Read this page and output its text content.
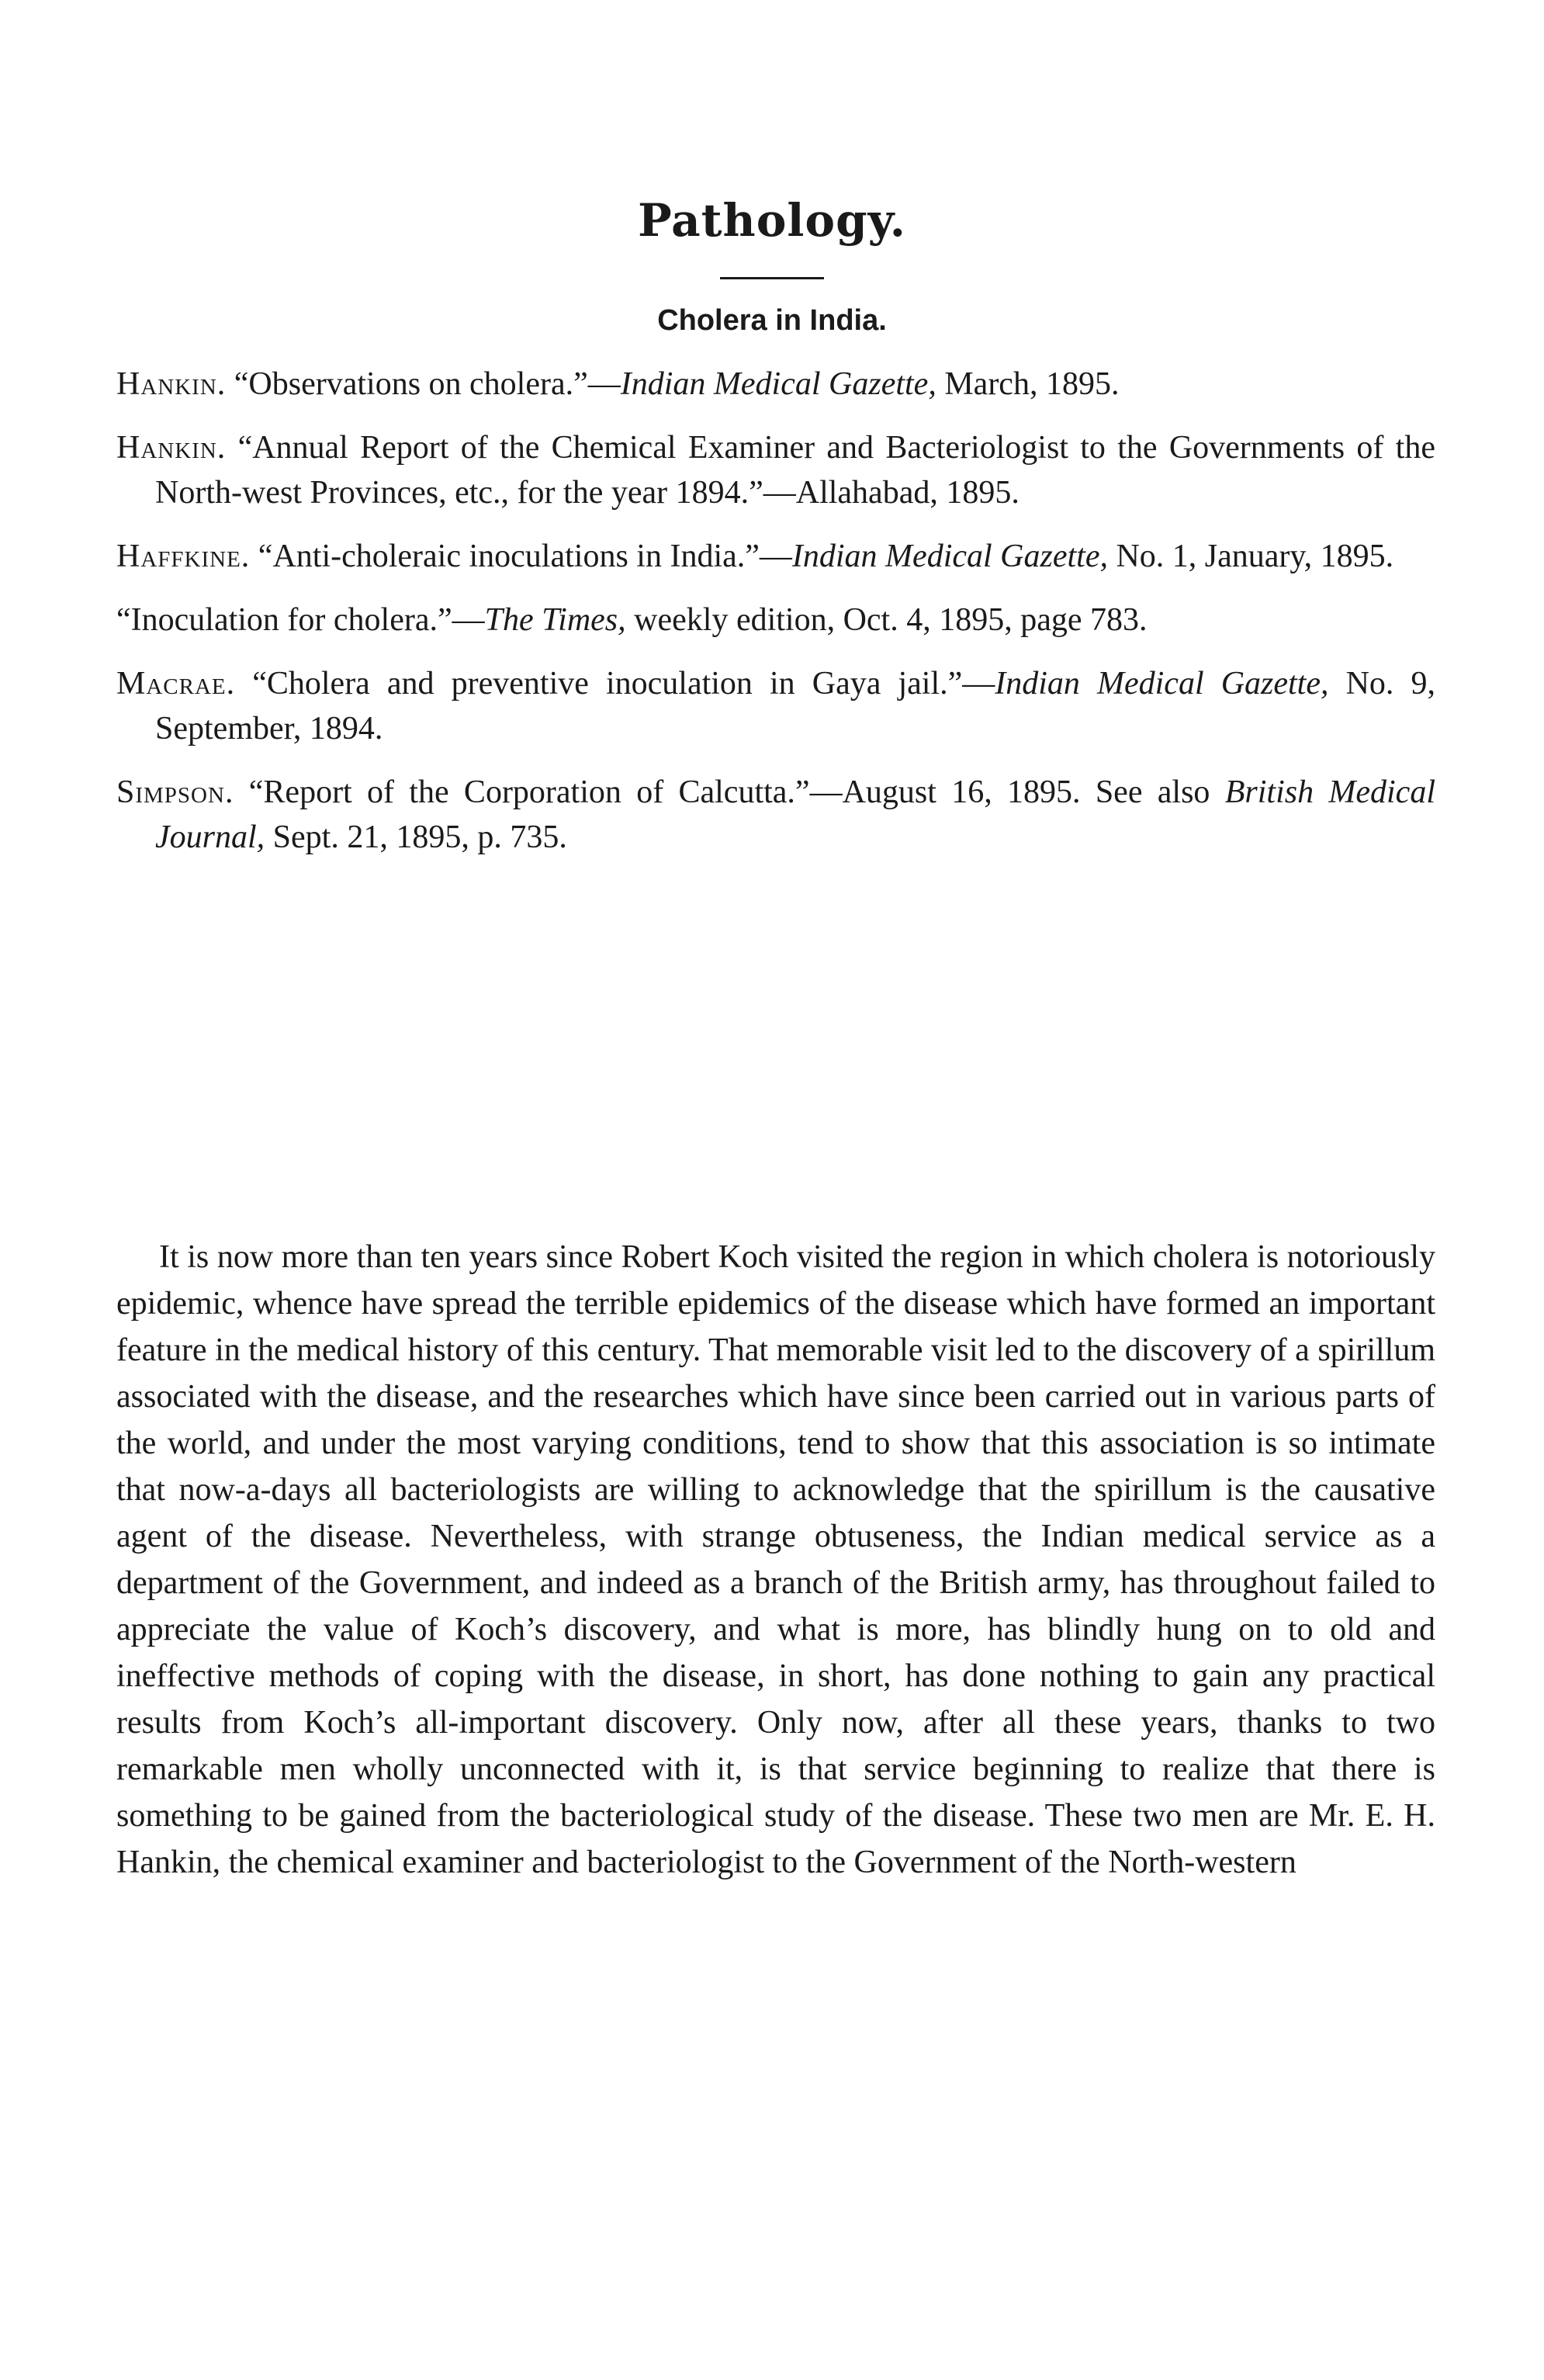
Pathology.
Cholera in India.
Hankin. “Observations on cholera.”—Indian Medical Gazette, March, 1895.
Hankin. “Annual Report of the Chemical Examiner and Bacteriologist to the Governments of the North-west Provinces, etc., for the year 1894.”—Allahabad, 1895.
Haffkine. “Anti-choleraic inoculations in India.”—Indian Medical Gazette, No. 1, January, 1895.
“Inoculation for cholera.”—The Times, weekly edition, Oct. 4, 1895, page 783.
Macrae. “Cholera and preventive inoculation in Gaya jail.”—Indian Medical Gazette, No. 9, September, 1894.
Simpson. “Report of the Corporation of Calcutta.”—August 16, 1895. See also British Medical Journal, Sept. 21, 1895, p. 735.

It is now more than ten years since Robert Koch visited the region in which cholera is notoriously epidemic, whence have spread the terrible epidemics of the disease which have formed an important feature in the medical history of this century. That memorable visit led to the discovery of a spirillum associated with the disease, and the researches which have since been carried out in various parts of the world, and under the most varying conditions, tend to show that this association is so intimate that now-a-days all bacteriologists are willing to acknowledge that the spirillum is the causative agent of the disease. Nevertheless, with strange obtuseness, the Indian medical service as a department of the Government, and indeed as a branch of the British army, has throughout failed to appreciate the value of Koch’s discovery, and what is more, has blindly hung on to old and ineffective methods of coping with the disease, in short, has done nothing to gain any practical results from Koch’s all-important discovery. Only now, after all these years, thanks to two remarkable men wholly unconnected with it, is that service beginning to realize that there is something to be gained from the bacteriological study of the disease. These two men are Mr. E. H. Hankin, the chemical examiner and bacteriologist to the Government of the North-western
